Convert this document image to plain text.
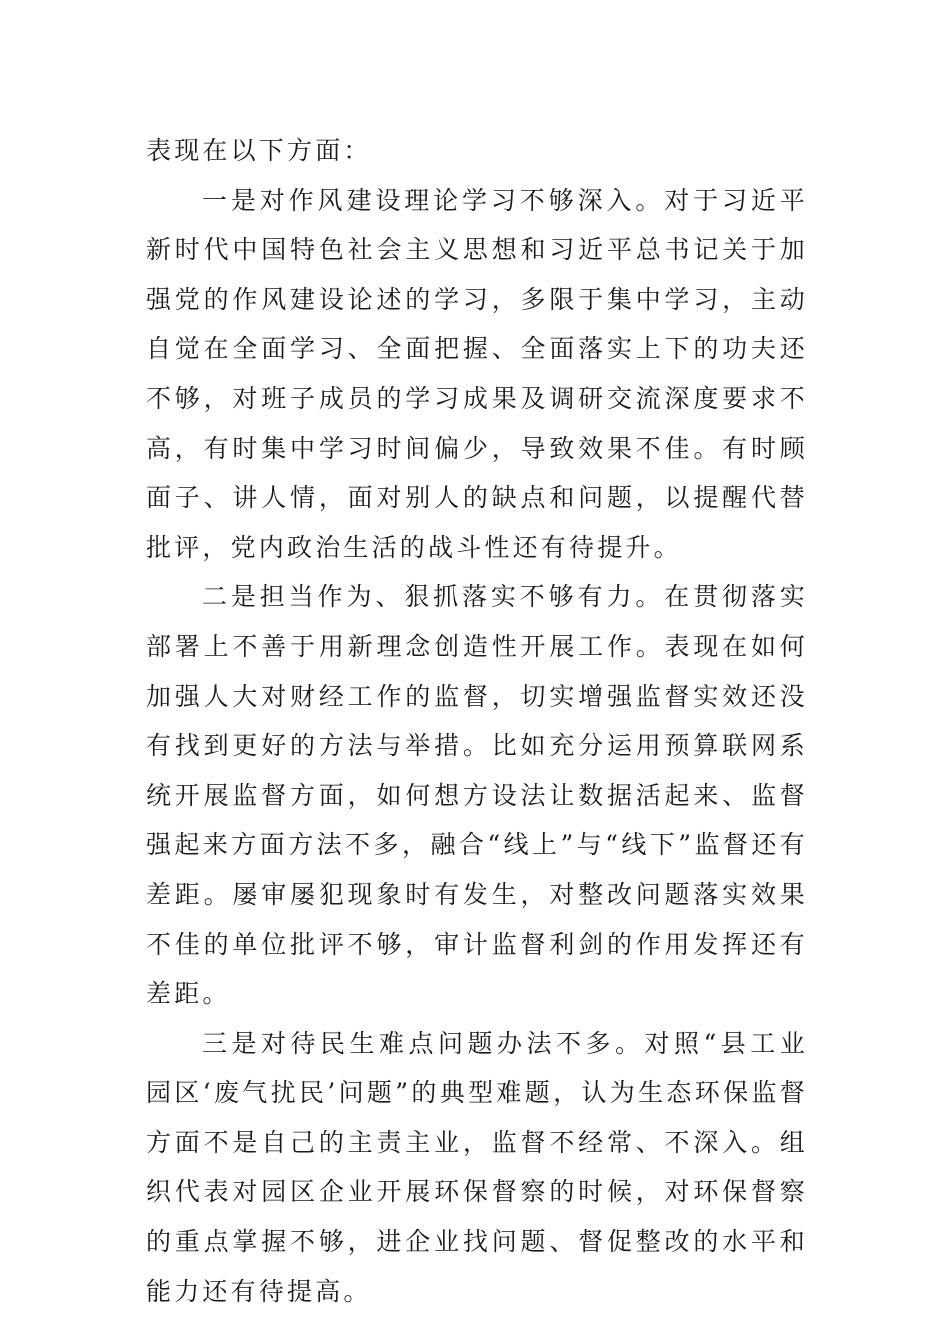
表现在以下方面：

一是对作风建设理论学习不够深入。对于习近平新时代中国特色社会主义思想和习近平总书记关于加强党的作风建设论述的学习，多限于集中学习，主动自觉在全面学习、全面把握、全面落实上下的功夫还不够，对班子成员的学习成果及调研交流深度要求不高，有时集中学习时间偏少，导致效果不佳。有时顾面子、讲人情，面对别人的缺点和问题，以提醒代替批评，党内政治生活的战斗性还有待提升。

二是担当作为、狠抓落实不够有力。在贯彻落实部署上不善于用新理念创造性开展工作。表现在如何加强人大对财经工作的监督，切实增强监督实效还没有找到更好的方法与举措。比如充分运用预算联网系统开展监督方面，如何想方设法让数据活起来、监督强起来方面方法不多，融合“线上”与“线下”监督还有差距。屡审屡犯现象时有发生，对整改问题落实效果不佳的单位批评不够，审计监督利剑的作用发挥还有差距。

三是对待民生难点问题办法不多。对照“县工业园区‘废气扰民’问题”的典型难题，认为生态环保监督方面不是自己的主责主业，监督不经常、不深入。组织代表对园区企业开展环保督察的时候，对环保督察的重点掌握不够，进企业找问题、督促整改的水平和能力还有待提高。
